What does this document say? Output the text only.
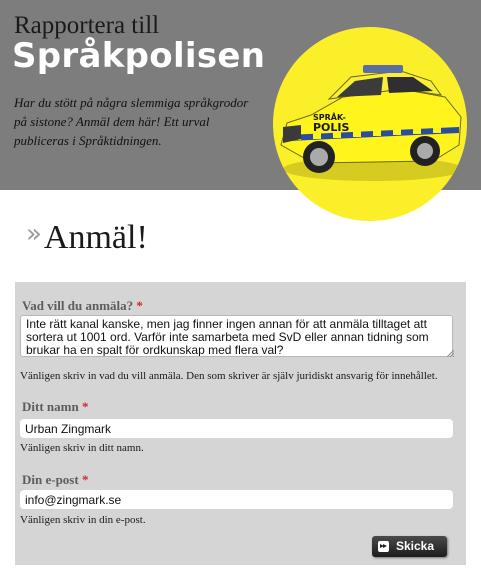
Rapportera till
Språkpolisen
Har du stött på några slemmiga språkgrodor på sistone? Anmäl dem här! Ett urval publiceras i Språktidningen.
SPRÅK-
POLIS
»Anmäl!
Vad vill du anmäla? *
Inte rätt kanal kanske, men jag finner ingen annan för att anmäla tilltaget att
sortera ut 1001 ord. Varför inte samarbeta med SvD eller annan tidning som
brukar ha en spalt för ordkunskap med flera val?
Vänligen skriv in vad du vill anmäla. Den som skriver är själv juridiskt ansvarig för innehållet.
Ditt namn *
Urban Zingmark
Vänligen skriv in ditt namn.
Din e-post *
info@zingmark.se
Vänligen skriv in din e-post.
Skicka
